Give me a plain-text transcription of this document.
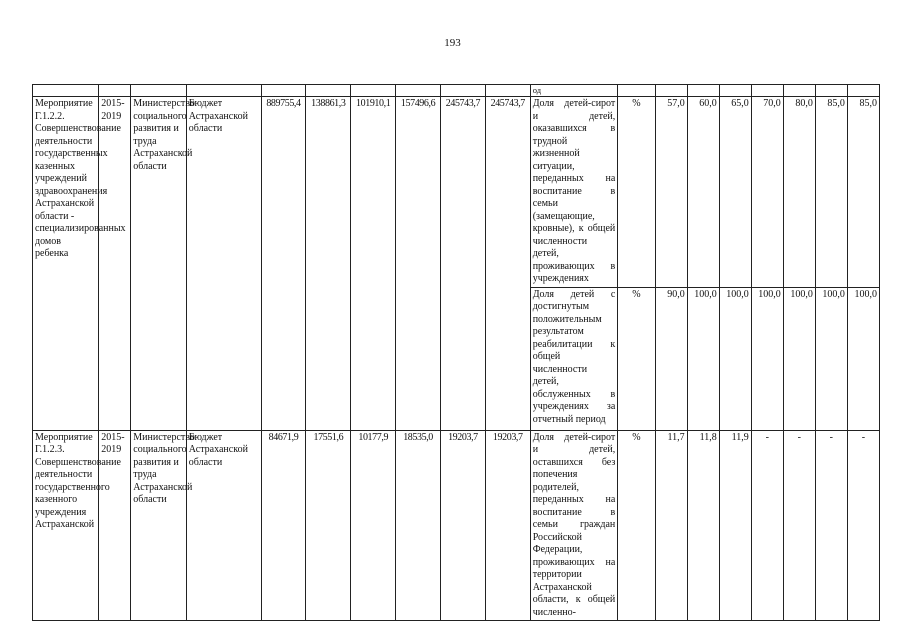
193
										од								
Мероприятие Г.1.2.2. Совершенствование деятельности государственных казенных учреждений здравоохранения Астраханской области - специализированных домов ребенка	2015-2019	Министерство социального развития и труда Астраханской области	Бюджет Астраханской области	889755,4	138861,3	101910,1	157496,6	245743,7	245743,7	Доля детей-сирот и детей, оказавшихся в трудной жизненной ситуации, переданных на воспитание в семьи (замещающие, кровные), к общей численности детей, проживающих в учреждениях	%	57,0	60,0	65,0	70,0	80,0	85,0	85,0
										Доля детей с достигнутым положительным результатом реабилитации к общей численности детей, обслуженных в учреждениях за отчетный период	%	90,0	100,0	100,0	100,0	100,0	100,0	100,0
Мероприятие Г.1.2.3. Совершенствование деятельности государственного казенного учреждения Астраханской	2015-2019	Министерство социального развития и труда Астраханской области	Бюджет Астраханской области	84671,9	17551,6	10177,9	18535,0	19203,7	19203,7	Доля детей-сирот и детей, оставшихся без попечения родителей, переданных на воспитание в семьи граждан Российской Федерации, проживающих на территории Астраханской области, к общей численно-	%	11,7	11,8	11,9	-	-	-	-
